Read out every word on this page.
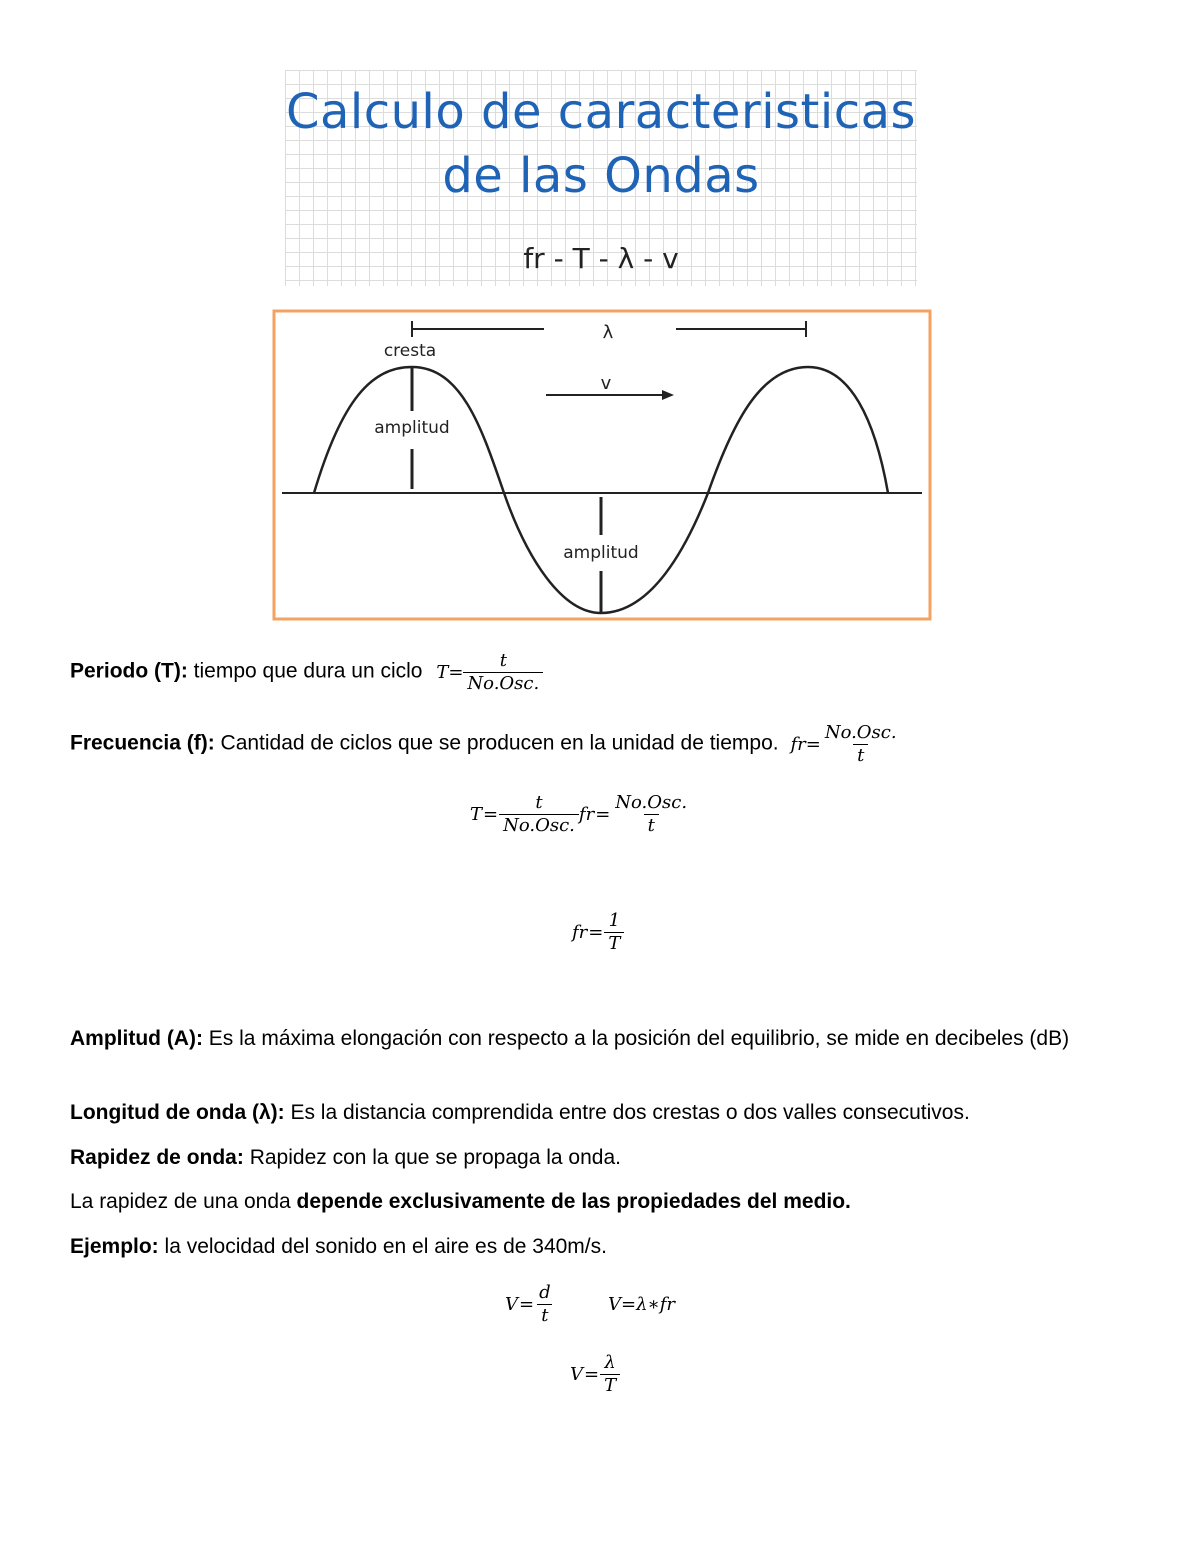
Calculo de caracteristicas
de las Ondas
fr - T - λ - v
λ
cresta
v
amplitud
amplitud
Periodo (T): tiempo que dura un ciclo $T= \frac{t}{\text{No.Osc.}}$
Frecuencia (f): Cantidad de ciclos que se producen en la unidad de tiempo. $fr= \frac{\text{No.Osc.}}{t}$
$T = \frac{t}{\text{No.Osc.}}$ fr = $\frac{\text{No.Osc.}}{t}$
fr = $\frac{1}{T}$
Amplitud (A): Es la máxima elongación con respecto a la posición del equilibrio, se mide en decibeles (dB)
Longitud de onda (λ): Es la distancia comprendida entre dos crestas o dos valles consecutivos.
Rapidez de onda: Rapidez con la que se propaga la onda.
La rapidez de una onda depende exclusivamente de las propiedades del medio.
Ejemplo: la velocidad del sonido en el aire es de 340m/s.
$V = \frac{d}{t}$	V=λ∗fr
$V = \frac{\lambda}{T}$
